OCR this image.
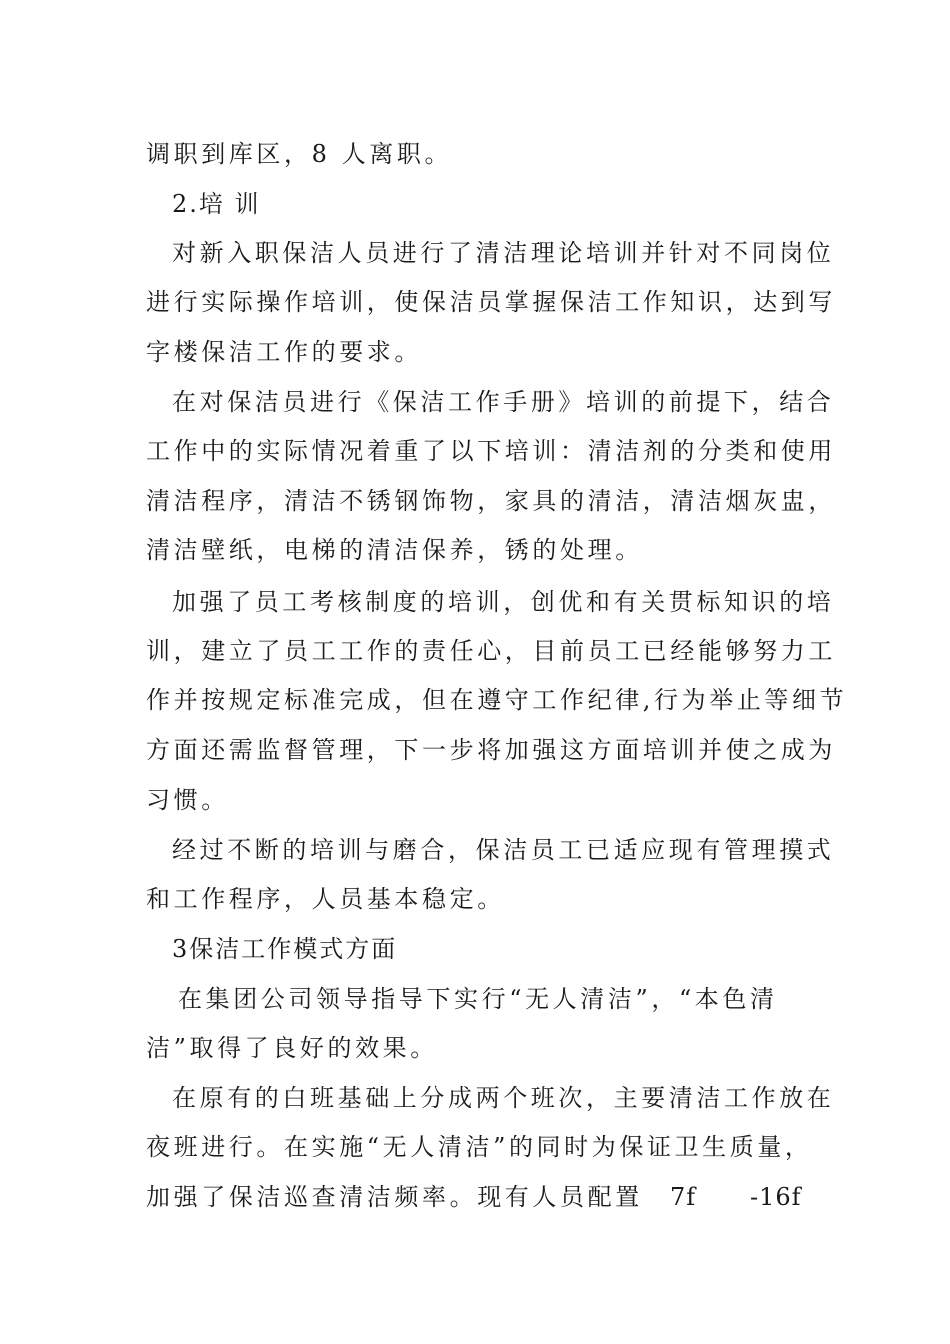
调职到库区，8 人离职。
2.培 训
对新入职保洁人员进行了清洁理论培训并针对不同岗位
进行实际操作培训，使保洁员掌握保洁工作知识，达到写
字楼保洁工作的要求。
在对保洁员进行《保洁工作手册》培训的前提下，结合
工作中的实际情况着重了以下培训：清洁剂的分类和使用
清洁程序，清洁不锈钢饰物，家具的清洁，清洁烟灰盅，
清洁壁纸，电梯的清洁保养，锈的处理。
加强了员工考核制度的培训，创优和有关贯标知识的培
训，建立了员工工作的责任心，目前员工已经能够努力工
作并按规定标准完成，但在遵守工作纪律,行为举止等细节
方面还需监督管理，下一步将加强这方面培训并使之成为
习惯。
经过不断的培训与磨合，保洁员工已适应现有管理摸式
和工作程序，人员基本稳定。
3保洁工作模式方面
在集团公司领导指导下实行“无人清洁”，“本色清
洁”取得了良好的效果。
在原有的白班基础上分成两个班次，主要清洁工作放在
夜班进行。在实施“无人清洁”的同时为保证卫生质量，
加强了保洁巡查清洁频率。现有人员配置 7f	-16f
